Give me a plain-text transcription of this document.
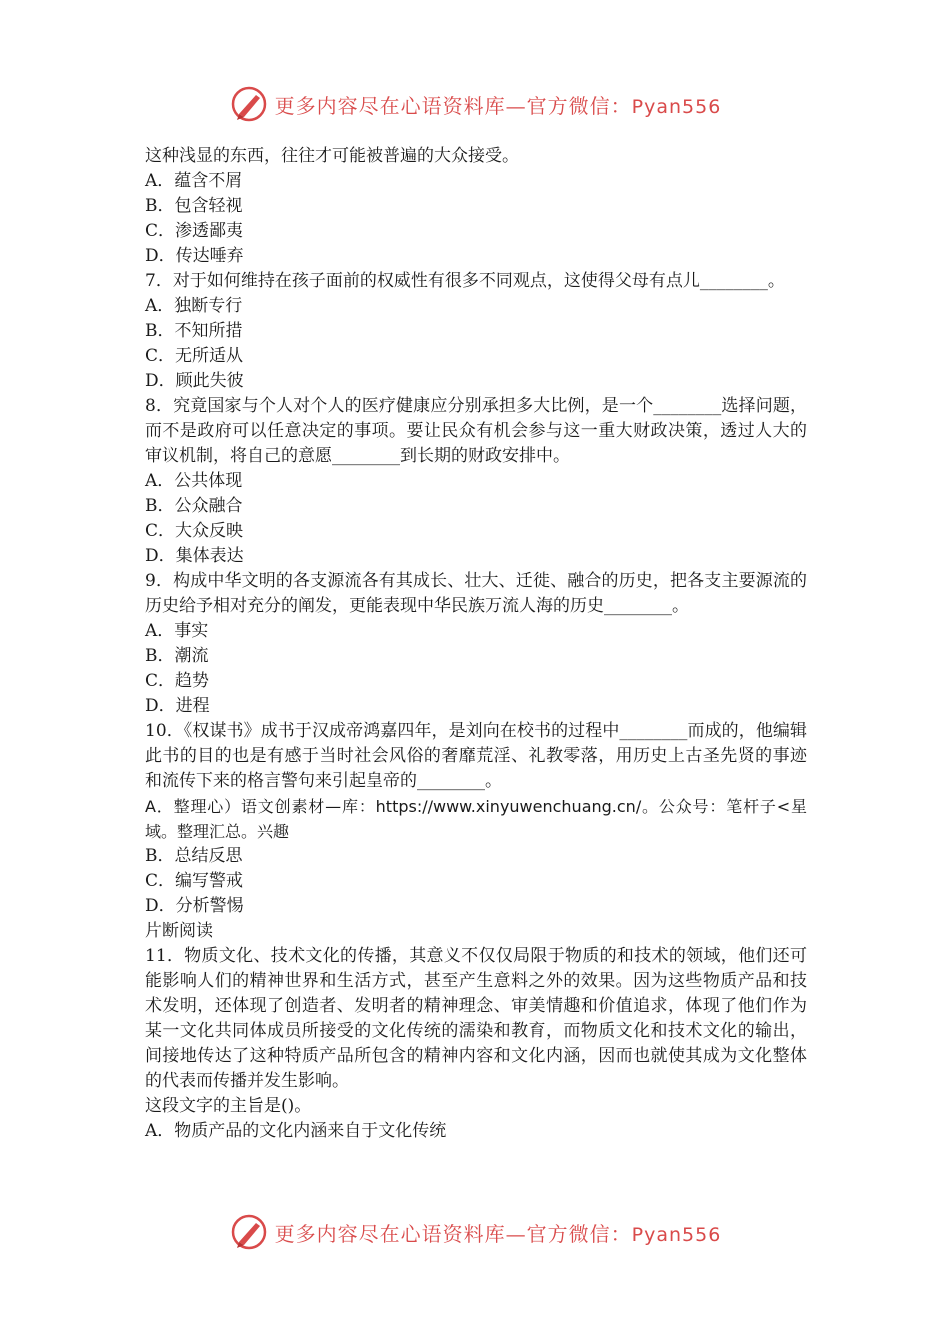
更多内容尽在心语资料库—官方微信：Pyan556
这种浅显的东西，往往才可能被普遍的大众接受。
A．蕴含不屑
B．包含轻视
C．渗透鄙夷
D．传达唾弃
7．对于如何维持在孩子面前的权威性有很多不同观点，这使得父母有点儿________。
A．独断专行
B．不知所措
C．无所适从
D．顾此失彼
8．究竟国家与个人对个人的医疗健康应分别承担多大比例，是一个________选择问题，而不是政府可以任意决定的事项。要让民众有机会参与这一重大财政决策，透过人大的审议机制，将自己的意愿________到长期的财政安排中。
A．公共体现
B．公众融合
C．大众反映
D．集体表达
9．构成中华文明的各支源流各有其成长、壮大、迁徙、融合的历史，把各支主要源流的历史给予相对充分的阐发，更能表现中华民族万流人海的历史________。
A．事实
B．潮流
C．趋势
D．进程
10．《权谋书》成书于汉成帝鸿嘉四年，是刘向在校书的过程中________而成的，他编辑此书的目的也是有感于当时社会风俗的奢靡荒淫、礼教零落，用历史上古圣先贤的事迹和流传下来的格言警句来引起皇帝的________。
A．整理心）语文创素材—库：https://www.xinyuwenchuang.cn/。公众号：笔杆子<星域。整理汇总。兴趣
B．总结反思
C．编写警戒
D．分析警惕
片断阅读
11．物质文化、技术文化的传播，其意义不仅仅局限于物质的和技术的领域，他们还可能影响人们的精神世界和生活方式，甚至产生意料之外的效果。因为这些物质产品和技术发明，还体现了创造者、发明者的精神理念、审美情趣和价值追求，体现了他们作为某一文化共同体成员所接受的文化传统的濡染和教育，而物质文化和技术文化的输出，间接地传达了这种特质产品所包含的精神内容和文化内涵，因而也就使其成为文化整体的代表而传播并发生影响。
这段文字的主旨是()。
A．物质产品的文化内涵来自于文化传统
更多内容尽在心语资料库—官方微信：Pyan556
